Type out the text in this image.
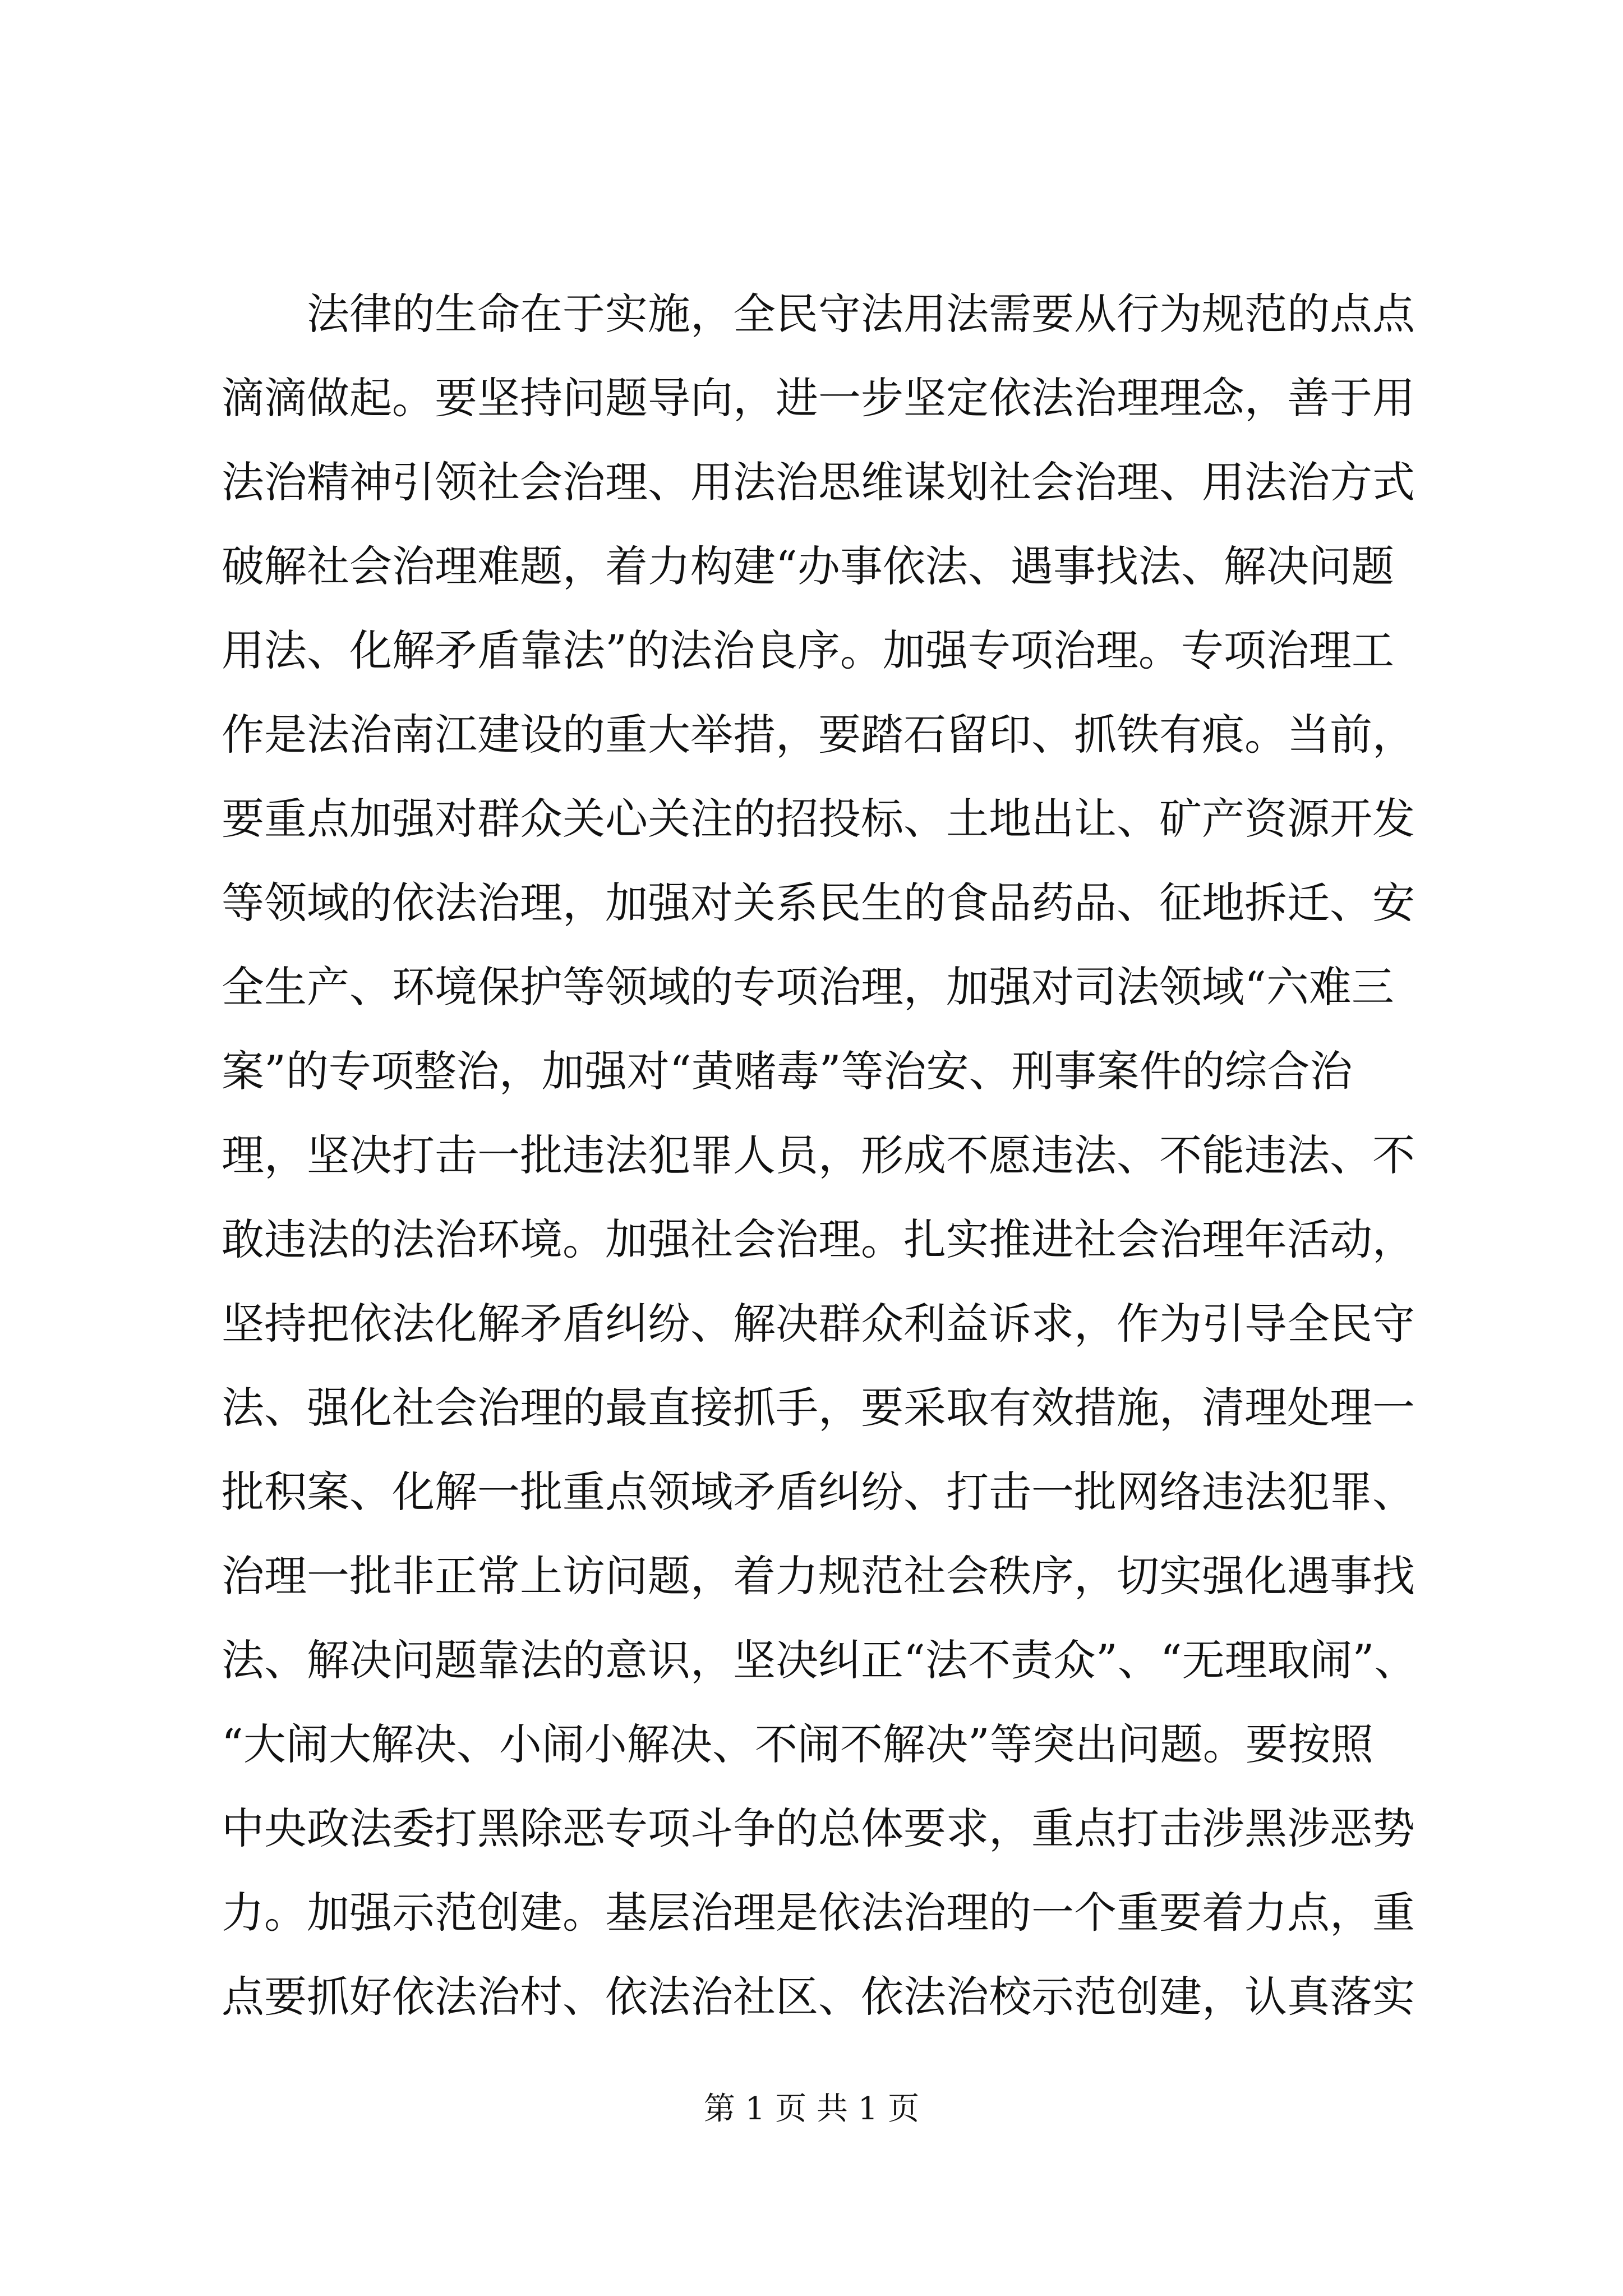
　　法律的生命在于实施，全民守法用法需要从行为规范的点点
滴滴做起。要坚持问题导向，进一步坚定依法治理理念，善于用
法治精神引领社会治理、用法治思维谋划社会治理、用法治方式
破解社会治理难题，着力构建“办事依法、遇事找法、解决问题
用法、化解矛盾靠法”的法治良序。加强专项治理。专项治理工
作是法治南江建设的重大举措，要踏石留印、抓铁有痕。当前，
要重点加强对群众关心关注的招投标、土地出让、矿产资源开发
等领域的依法治理，加强对关系民生的食品药品、征地拆迁、安
全生产、环境保护等领域的专项治理，加强对司法领域“六难三
案”的专项整治，加强对“黄赌毒”等治安、刑事案件的综合治
理，坚决打击一批违法犯罪人员，形成不愿违法、不能违法、不
敢违法的法治环境。加强社会治理。扎实推进社会治理年活动，
坚持把依法化解矛盾纠纷、解决群众利益诉求，作为引导全民守
法、强化社会治理的最直接抓手，要采取有效措施，清理处理一
批积案、化解一批重点领域矛盾纠纷、打击一批网络违法犯罪、
治理一批非正常上访问题，着力规范社会秩序，切实强化遇事找
法、解决问题靠法的意识，坚决纠正“法不责众”、“无理取闹”、
“大闹大解决、小闹小解决、不闹不解决”等突出问题。要按照
中央政法委打黑除恶专项斗争的总体要求，重点打击涉黑涉恶势
力。加强示范创建。基层治理是依法治理的一个重要着力点，重
点要抓好依法治村、依法治社区、依法治校示范创建，认真落实
第 1 页 共 1 页
